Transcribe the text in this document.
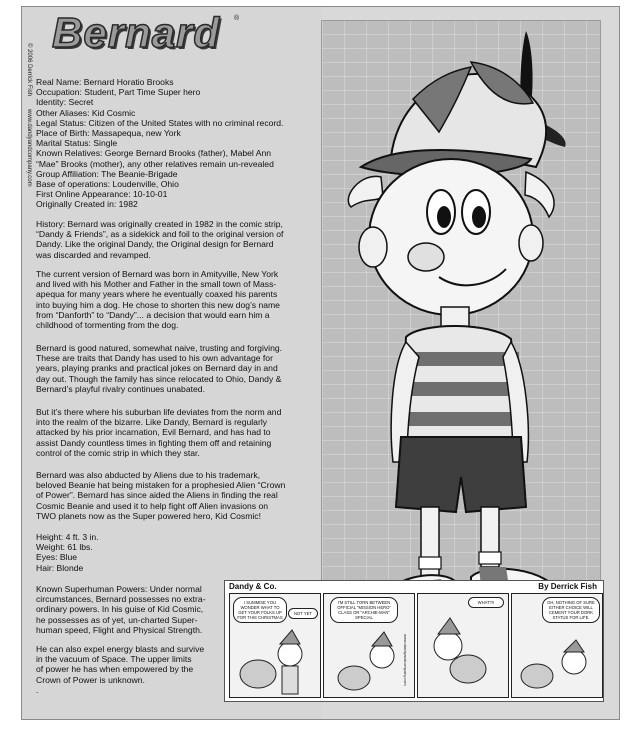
Bernard ®
© 2006 Derrick Fish
www.dandyandcompany.com

Real Name: Bernard Horatio Brooks

Occupation: Student, Part Time Super hero

Identity: Secret

Other Aliases: Kid Cosmic

Legal Status: Citizen of the United States with no criminal record.

Place of Birth: Massapequa, new York

Marital Status: Single

Known Relatives: George Bernard Brooks (father), Mabel Ann

“Mae” Brooks (mother), any other relatives remain un-revealed

Group Affiliation: The Beanie-Brigade

Base of operations: Loudenville, Ohio

First Online Appearance: 10-10-01

Originally Created in: 1982

History: Bernard was originally created in 1982 in the comic strip,

“Dandy & Friends”, as a sidekick and foil to the original version of

Dandy. Like the original Dandy, the Original design for Bernard

was discarded and revamped.

The current version of Bernard was born in Amityville, New York

and lived with his Mother and Father in the small town of Mass-

apequa for many years where he eventually coaxed his parents

into buying him a dog. He chose to shorten this new dog’s name

from “Danforth” to “Dandy”... a decision that would earn him a

childhood of tormenting from the dog.

Bernard is good natured, somewhat naive, trusting and forgiving.

These are traits that Dandy has used to his own advantage for

years, playing pranks and practical jokes on Bernard day in and

day out. Though the family has since relocated to Ohio, Dandy &

Bernard’s playful rivalry continues unabated.

But it’s there where his suburban life deviates from the norm and

into the realm of the bizarre. Like Dandy, Bernard is regularly

attacked by his prior incarnation, Evil Bernard, and has had to

assist Dandy countless times in fighting them off and retaining

control of the comic strip in which they star.

Bernard was also abducted by Aliens due to his trademark,

beloved Beanie hat being mistaken for a prophesied Alien “Crown

of Power”. Bernard has since aided the Aliens in finding the real

Cosmic Beanie and used it to help fight off Alien invasions on

TWO planets now as the Super powered hero, Kid Cosmic!

Height: 4 ft. 3 in.

Weight: 61 lbs.

Eyes: Blue

Hair: Blonde

Known Superhuman Powers: Under normal

circumstances, Bernard possesses no extra-

ordinary powers. In his guise of Kid Cosmic,

he possesses as of yet, un-charted Super-

human speed, Flight and Physical Strength.

He can also expel energy blasts and survive

in the vacuum of Space. The upper limits

of power he has when empowered by the

Crown of Power is unknown.

.

Dandy & Co.	By Derrick Fish
I SUMMISE YOU WONDER WHAT TO GET YOUR FOLKS UP FOR THIS CHRISTMAS
NOT YET
I'M STILL TORN BETWEEN OFFICIAL “MISSION HERO” CLASS OR “ARCHIE-MAN” SPECIAL
www.dandyandcompany.com
WHAT?!!	OH, NOTHING OF SURE EITHER CHOICE WILL CEMENT YOUR DORK STATUS FOR LIFE.
